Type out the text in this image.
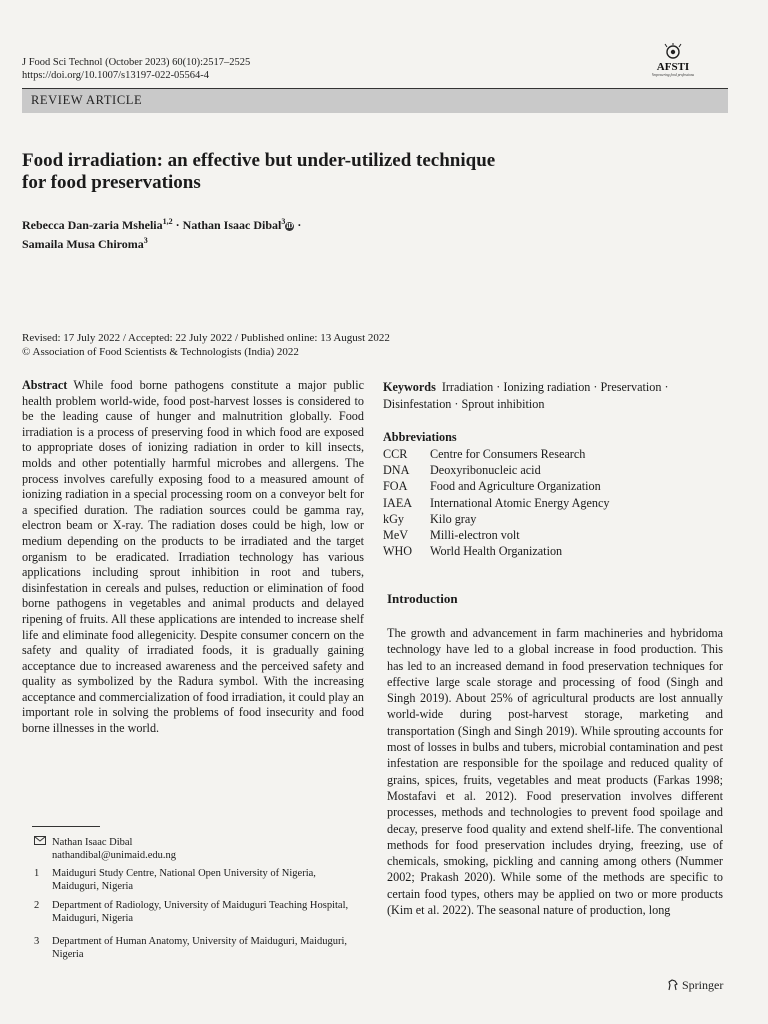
J Food Sci Technol (October 2023) 60(10):2517–2525
https://doi.org/10.1007/s13197-022-05564-4
AFSTI
Empowering food professionals
REVIEW ARTICLE
Food irradiation: an effective but under-utilized technique
for food preservations
Rebecca Dan-zaria Mshelia$^{1,2}$ · Nathan Isaac Dibal$^3$iD ·
Samaila Musa Chiroma$^3$
Revised: 17 July 2022 / Accepted: 22 July 2022 / Published online: 13 August 2022
© Association of Food Scientists & Technologists (India) 2022
Abstract While food borne pathogens constitute a major public health problem world-wide, food post-harvest losses is considered to be the leading cause of hunger and malnutrition globally. Food irradiation is a process of preserving food in which food are exposed to appropriate doses of ionizing radiation in order to kill insects, molds and other potentially harmful microbes and allergens. The process involves carefully exposing food to a measured amount of ionizing radiation in a special processing room on a conveyor belt for a specified duration. The radiation sources could be gamma ray, electron beam or X-ray. The radiation doses could be high, low or medium depending on the products to be irradiated and the target organism to be eradicated. Irradiation technology has various applications including sprout inhibition in root and tubers, disinfestation in cereals and pulses, reduction or elimination of food borne pathogens in vegetables and animal products and delayed ripening of fruits. All these applications are intended to increase shelf life and eliminate food allegenicity. Despite consumer concern on the safety and quality of irradiated foods, it is gradually gaining acceptance due to increased awareness and the perceived safety and quality as symbolized by the Radura symbol. With the increasing acceptance and commercialization of food irradiation, it could play an important role in solving the problems of food insecurity and food borne illnesses in the world.
Keywords Irradiation · Ionizing radiation · Preservation · Disinfestation · Sprout inhibition
Abbreviations
CCR	Centre for Consumers Research
DNA	Deoxyribonucleic acid
FOA	Food and Agriculture Organization
IAEA	International Atomic Energy Agency
kGy	Kilo gray
MeV	Milli-electron volt
WHO	World Health Organization
Introduction
The growth and advancement in farm machineries and hybridoma technology have led to a global increase in food production. This has led to an increased demand in food preservation techniques for effective large scale storage and processing of food (Singh and Singh 2019). About 25% of agricultural products are lost annually world-wide during post-harvest storage, marketing and transportation (Singh and Singh 2019). While sprouting accounts for most of losses in bulbs and tubers, microbial contamination and pest infestation are responsible for the spoilage and reduced quality of grains, spices, fruits, vegetables and meat products (Farkas 1998; Mostafavi et al. 2012). Food preservation involves different processes, methods and technologies to prevent food spoilage and decay, preserve food quality and extend shelf-life. The conventional methods for food preservation includes drying, freezing, use of chemicals, smoking, pickling and canning among others (Nummer 2002; Prakash 2020). While some of the methods are specific to certain food types, others may be applied on two or more products (Kim et al. 2022). The seasonal nature of production, long
Nathan Isaac Dibal
nathandibal@unimaid.edu.ng
1 Maiduguri Study Centre, National Open University of Nigeria, Maiduguri, Nigeria
2 Department of Radiology, University of Maiduguri Teaching Hospital, Maiduguri, Nigeria
3 Department of Human Anatomy, University of Maiduguri, Maiduguri, Nigeria
Springer
